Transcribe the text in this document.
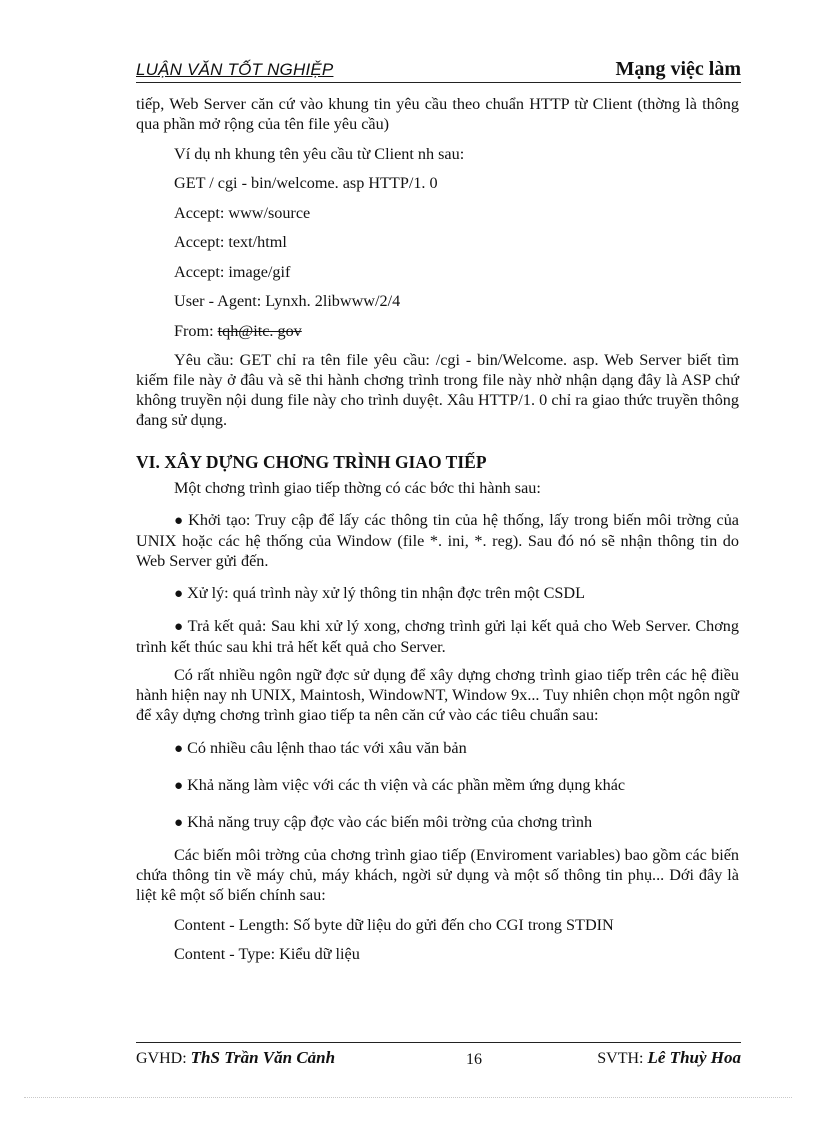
LUẬN VĂN TỐT NGHIỆP	Mạng việc làm

tiếp, Web Server căn cứ vào khung tin yêu cầu theo chuẩn HTTP từ Client (thờng là thông qua phần mở rộng của tên file yêu cầu)

Ví dụ nh khung tên yêu cầu từ Client nh sau:

GET / cgi - bin/welcome. asp HTTP/1. 0

Accept: www/source

Accept: text/html

Accept: image/gif

User - Agent: Lynxh. 2libwww/2/4

From: tqh@itc. gov

Yêu cầu: GET chỉ ra tên file yêu cầu: /cgi - bin/Welcome. asp. Web Server biết tìm kiếm file này ở đâu và sẽ thi hành chơng trình trong file này nhờ nhận dạng đây là ASP chứ không truyền nội dung file này cho trình duyệt. Xâu HTTP/1. 0 chỉ ra giao thức truyền thông đang sử dụng.

VI. XÂY DỰNG CHƠNG TRÌNH GIAO TIẾP

Một chơng trình giao tiếp thờng có các bớc thi hành sau:

● Khởi tạo: Truy cập để lấy các thông tin của hệ thống, lấy trong biến môi trờng của UNIX hoặc các hệ thống của Window (file *. ini, *. reg). Sau đó nó sẽ nhận thông tin do Web Server gửi đến.

● Xử lý: quá trình này xử lý thông tin nhận đợc trên một CSDL

● Trả kết quả: Sau khi xử lý xong, chơng trình gửi lại kết quả cho Web Server. Chơng trình kết thúc sau khi trả hết kết quả cho Server.

Có rất nhiều ngôn ngữ đợc sử dụng để xây dựng chơng trình giao tiếp trên các hệ điều hành hiện nay nh UNIX, Maintosh, WindowNT, Window 9x... Tuy nhiên chọn một ngôn ngữ để xây dựng chơng trình giao tiếp ta nên căn cứ vào các tiêu chuẩn sau:

● Có nhiều câu lệnh thao tác với xâu văn bản

● Khả năng làm việc với các th viện và các phần mềm ứng dụng khác

● Khả năng truy cập đợc vào các biến môi trờng của chơng trình

Các biến môi trờng của chơng trình giao tiếp (Enviroment variables) bao gồm các biến chứa thông tin về máy chủ, máy khách, ngời sử dụng và một số thông tin phụ... Dới đây là liệt kê một số biến chính sau:

Content - Length: Số byte dữ liệu do gửi đến cho CGI trong STDIN

Content - Type: Kiểu dữ liệu

GVHD: ThS Trần Văn Cảnh	16	SVTH: Lê Thuỳ Hoa
